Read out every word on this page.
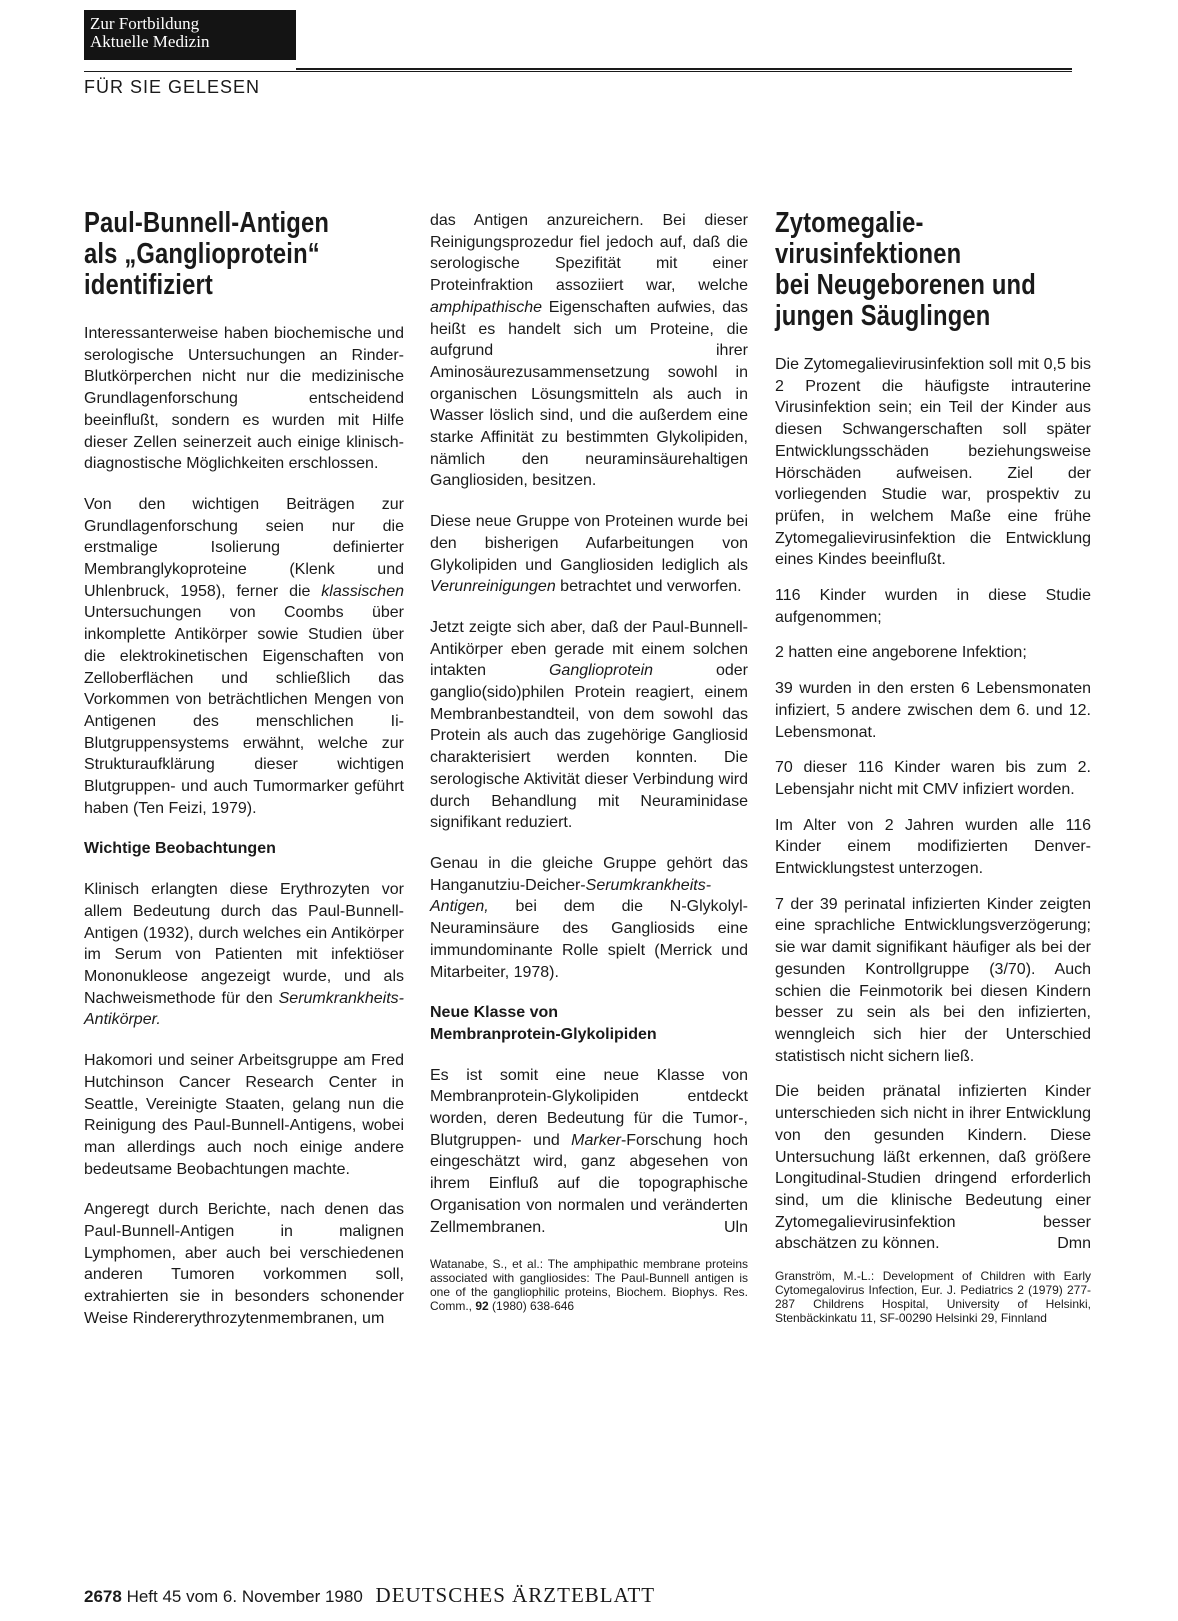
Zur Fortbildung
Aktuelle Medizin
FÜR SIE GELESEN
Paul-Bunnell-Antigen
als „Ganglioprotein“
identifiziert

Interessanterweise haben biochemische und serologische Untersuchungen an Rinder-Blutkörperchen nicht nur die medizinische Grundlagenforschung entscheidend beeinflußt, sondern es wurden mit Hilfe dieser Zellen seinerzeit auch einige klinisch-diagnostische Möglichkeiten erschlossen.

Von den wichtigen Beiträgen zur Grundlagenforschung seien nur die erstmalige Isolierung definierter Membranglykoproteine (Klenk und Uhlenbruck, 1958), ferner die klassischen Untersuchungen von Coombs über inkomplette Antikörper sowie Studien über die elektrokinetischen Eigenschaften von Zelloberflächen und schließlich das Vorkommen von beträchtlichen Mengen von Antigenen des menschlichen Ii-Blutgruppensystems erwähnt, welche zur Strukturaufklärung dieser wichtigen Blutgruppen- und auch Tumormarker geführt haben (Ten Feizi, 1979).

Wichtige Beobachtungen

Klinisch erlangten diese Erythrozyten vor allem Bedeutung durch das Paul-Bunnell-Antigen (1932), durch welches ein Antikörper im Serum von Patienten mit infektiöser Mononukleose angezeigt wurde, und als Nachweismethode für den Serumkrankheits-Antikörper.

Hakomori und seiner Arbeitsgruppe am Fred Hutchinson Cancer Research Center in Seattle, Vereinigte Staaten, gelang nun die Reinigung des Paul-Bunnell-Antigens, wobei man allerdings auch noch einige andere bedeutsame Beobachtungen machte.

Angeregt durch Berichte, nach denen das Paul-Bunnell-Antigen in malignen Lymphomen, aber auch bei verschiedenen anderen Tumoren vorkommen soll, extrahierten sie in besonders schonender Weise Rindererythrozytenmembranen, um

das Antigen anzureichern. Bei dieser Reinigungsprozedur fiel jedoch auf, daß die serologische Spezifität mit einer Proteinfraktion assoziiert war, welche amphipathische Eigenschaften aufwies, das heißt es handelt sich um Proteine, die aufgrund ihrer Aminosäurezusammensetzung sowohl in organischen Lösungsmitteln als auch in Wasser löslich sind, und die außerdem eine starke Affinität zu bestimmten Glykolipiden, nämlich den neuraminsäurehaltigen Gangliosiden, besitzen.

Diese neue Gruppe von Proteinen wurde bei den bisherigen Aufarbeitungen von Glykolipiden und Gangliosiden lediglich als Verunreinigungen betrachtet und verworfen.

Jetzt zeigte sich aber, daß der Paul-Bunnell-Antikörper eben gerade mit einem solchen intakten Ganglioprotein oder ganglio(sido)philen Protein reagiert, einem Membranbestandteil, von dem sowohl das Protein als auch das zugehörige Gangliosid charakterisiert werden konnten. Die serologische Aktivität dieser Verbindung wird durch Behandlung mit Neuraminidase signifikant reduziert.

Genau in die gleiche Gruppe gehört das Hanganutziu-Deicher-Serumkrankheits-Antigen, bei dem die N-Glykolyl-Neuraminsäure des Gangliosids eine immundominante Rolle spielt (Merrick und Mitarbeiter, 1978).

Neue Klasse von
Membranprotein-Glykolipiden

Es ist somit eine neue Klasse von Membranprotein-Glykolipiden entdeckt worden, deren Bedeutung für die Tumor-, Blutgruppen- und Marker-Forschung hoch eingeschätzt wird, ganz abgesehen von ihrem Einfluß auf die topographische Organisation von normalen und veränderten Zellmembranen.	Uln

Watanabe, S., et al.: The amphipathic membrane proteins associated with gangliosides: The Paul-Bunnell antigen is one of the gangliophilic proteins, Biochem. Biophys. Res. Comm., 92 (1980) 638-646
Zytomegalie-
virusinfektionen
bei Neugeborenen und
jungen Säuglingen

Die Zytomegalievirusinfektion soll mit 0,5 bis 2 Prozent die häufigste intrauterine Virusinfektion sein; ein Teil der Kinder aus diesen Schwangerschaften soll später Entwicklungsschäden beziehungsweise Hörschäden aufweisen. Ziel der vorliegenden Studie war, prospektiv zu prüfen, in welchem Maße eine frühe Zytomegalievirusinfektion die Entwicklung eines Kindes beeinflußt.

116 Kinder wurden in diese Studie aufgenommen;

2 hatten eine angeborene Infektion;

39 wurden in den ersten 6 Lebensmonaten infiziert, 5 andere zwischen dem 6. und 12. Lebensmonat.

70 dieser 116 Kinder waren bis zum 2. Lebensjahr nicht mit CMV infiziert worden.

Im Alter von 2 Jahren wurden alle 116 Kinder einem modifizierten Denver-Entwicklungstest unterzogen.

7 der 39 perinatal infizierten Kinder zeigten eine sprachliche Entwicklungsverzögerung; sie war damit signifikant häufiger als bei der gesunden Kontrollgruppe (3/70). Auch schien die Feinmotorik bei diesen Kindern besser zu sein als bei den infizierten, wenngleich sich hier der Unterschied statistisch nicht sichern ließ.

Die beiden pränatal infizierten Kinder unterschieden sich nicht in ihrer Entwicklung von den gesunden Kindern. Diese Untersuchung läßt erkennen, daß größere Longitudinal-Studien dringend erforderlich sind, um die klinische Bedeutung einer Zytomegalievirusinfektion besser abschätzen zu können.	Dmn

Granström, M.-L.: Development of Children with Early Cytomegalovirus Infection, Eur. J. Pediatrics 2 (1979) 277-287 Childrens Hospital, University of Helsinki, Stenbäckinkatu 11, SF-00290 Helsinki 29, Finnland
2678 Heft 45 vom 6. November 1980 DEUTSCHES ÄRZTEBLATT
